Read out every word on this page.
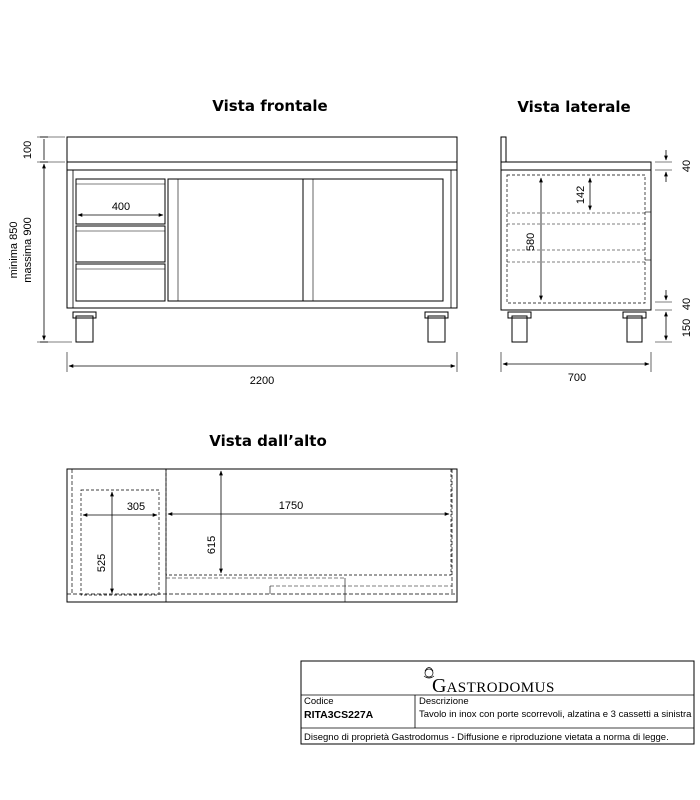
Vista frontale
400
100
minima 850 massima 900
2200
Vista laterale
142
580
40
40
150
700
Vista dall’alto
305
525
1750
615
GASTRODOMUS
Codice
RITA3CS227A
Descrizione
Tavolo in inox con porte scorrevoli, alzatina e 3 cassetti a sinistra
Disegno di proprietà Gastrodomus - Diffusione e riproduzione vietata a norma di legge.
